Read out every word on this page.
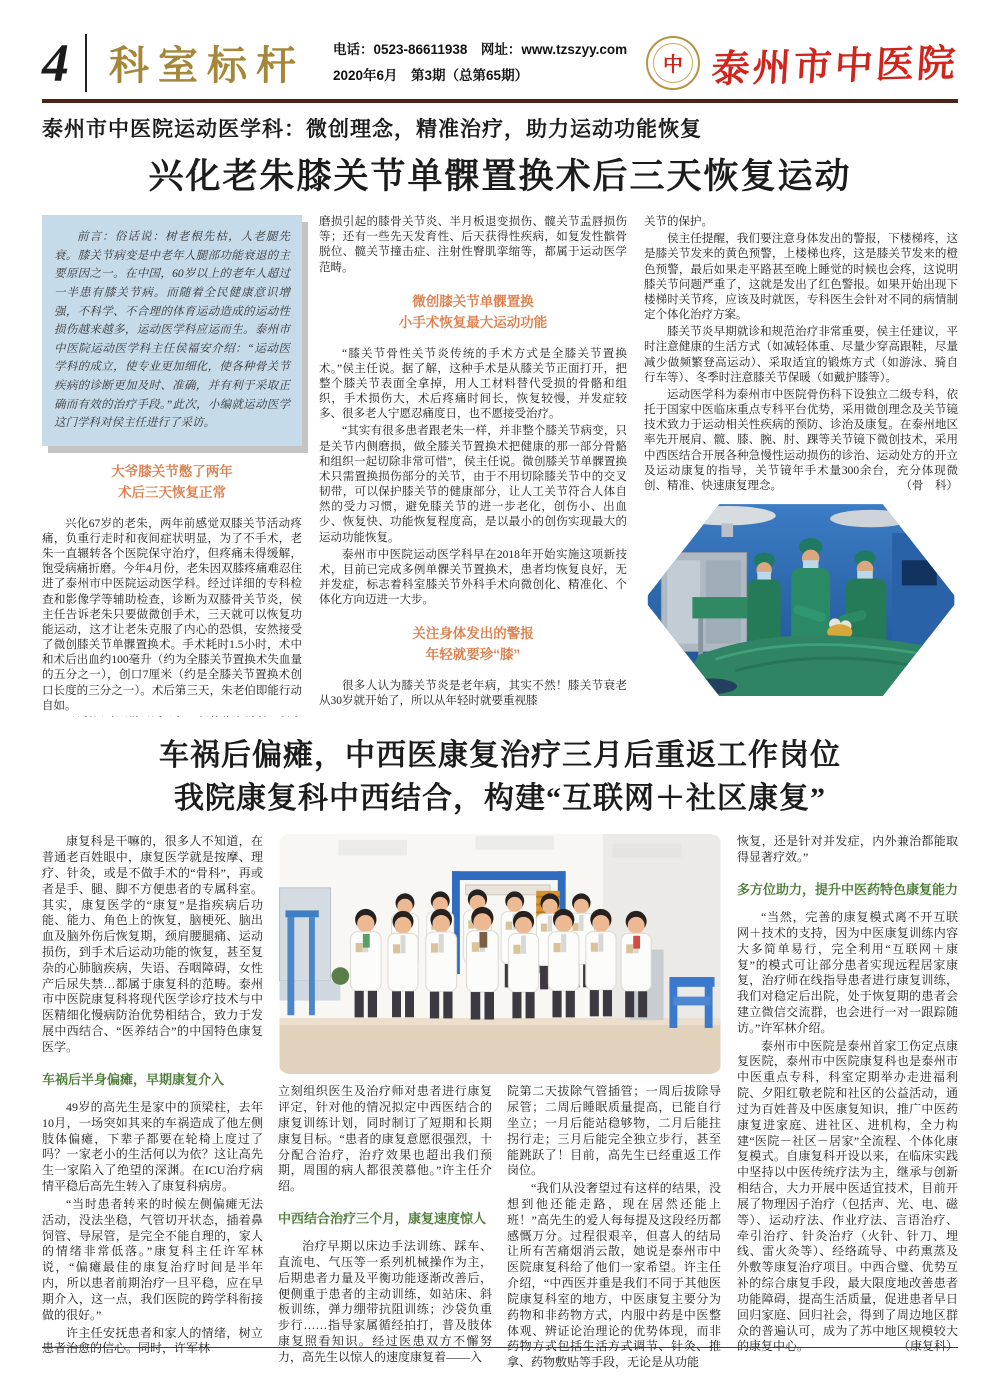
4	科室标杆 电话：0523-86611938　网址：www.tzszyy.com
2020年6月　第3期（总第65期）	中 泰州市中医院
泰州市中医院运动医学科：微创理念，精准治疗，助力运动功能恢复
兴化老朱膝关节单髁置换术后三天恢复运动
前言：俗话说：树老根先枯，人老腿先衰。膝关节病变是中老年人腿部功能衰退的主要原因之一。在中国，60岁以上的老年人超过一半患有膝关节病。而随着全民健康意识增强，不科学、不合理的体育运动造成的运动性损伤越来越多，运动医学科应运而生。泰州市中医院运动医学科主任侯福安介绍：“运动医学科的成立，使专业更加细化，使各种骨关节疾病的诊断更加及时、准确，并有利于采取正确而有效的治疗手段。”此次，小编就运动医学这门学科对侯主任进行了采访。
大爷膝关节憋了两年
术后三天恢复正常

兴化67岁的老朱，两年前感觉双膝关节活动疼痛，负重行走时和夜间症状明显，为了不手术，老朱一直辗转各个医院保守治疗，但疼痛未得缓解，饱受病痛折磨。今年4月份，老朱因双膝疼痛难忍住进了泰州市中医院运动医学科。经过详细的专科检查和影像学等辅助检查，诊断为双膝骨关节炎，侯主任告诉老朱只要做微创手术，三天就可以恢复功能运动，这才让老朱克服了内心的恐惧，安然接受了微创膝关节单髁置换术。手术耗时1.5小时，术中和术后出血约100毫升（约为全膝关节置换术失血量的五分之一），创口7厘米（约是全膝关节置换术创口长度的三分之一）。术后第三天，朱老伯即能行动自如。

磨损引起的膝骨关节炎、半月板退变损伤、髋关节盂唇损伤等；还有一些先天发育性、后天获得性疾病，如复发性髌骨脱位、髋关节撞击症、注射性臀肌挛缩等，都属于运动医学范畴。

微创膝关节单髁置换
小手术恢复最大运动功能

“膝关节骨性关节炎传统的手术方式是全膝关节置换术。”侯主任说。据了解，这种手术是从膝关节正面打开，把整个膝关节表面全拿掉，用人工材料替代受损的骨骼和组织，手术损伤大，术后疼痛时间长，恢复较慢，并发症较多、很多老人宁愿忍痛度日，也不愿接受治疗。

“其实有很多患者跟老朱一样，并非整个膝关节病变，只是关节内侧磨损，做全膝关节置换术把健康的那一部分骨骼和组织一起切除非常可惜”，侯主任说。微创膝关节单髁置换术只需置换损伤部分的关节，由于不用切除膝关节中的交叉韧带，可以保护膝关节的健康部分，让人工关节符合人体自然的受力习惯，避免膝关节的进一步老化，创伤小、出血少、恢复快、功能恢复程度高，是以最小的创伤实现最大的运动功能恢复。

泰州市中医院运动医学科早在2018年开始实施这项新技术，目前已完成多例单髁关节置换术，患者均恢复良好，无并发症，标志着科室膝关节外科手术向微创化、精准化、个体化方向迈进一大步。

关注身体发出的警报
年轻就要珍“膝”

很多人认为膝关节炎是老年病，其实不然！膝关节衰老从30岁就开始了，所以从年轻时就要重视膝

关节的保护。

侯主任提醒，我们要注意身体发出的警报，下楼梯疼，这是膝关节发来的黄色预警，上楼梯也疼，这是膝关节发来的橙色预警，最后如果走平路甚至晚上睡觉的时候也会疼，这说明膝关节问题严重了，这就是发出了红色警报。如果开始出现下楼梯时关节疼，应该及时就医，专科医生会针对不同的病情制定个体化治疗方案。

膝关节炎早期就诊和规范治疗非常重要，侯主任建议，平时注意健康的生活方式（如减轻体重、尽量少穿高跟鞋，尽量减少做频繁登高运动）、采取适宜的锻炼方式（如游泳、骑自行车等）、冬季时注意膝关节保暖（如戴护膝等）。

运动医学科为泰州市中医院骨伤科下设独立二级专科，依托于国家中医临床重点专科平台优势，采用微创理念及关节镜技术致力于运动相关性疾病的预防、诊治及康复。在泰州地区率先开展肩、髋、膝、腕、肘、踝等关节镜下微创技术，采用中西医结合开展各种急慢性运动损伤的诊治、运动处方的开立及运动康复的指导，关节镜年手术量300余台，充分体现微创、精准、快速康复理念。	（骨　科）

车祸后偏瘫，中西医康复治疗三月后重返工作岗位
我院康复科中西结合，构建“互联网＋社区康复”

康复科是干嘛的，很多人不知道，在普通老百姓眼中，康复医学就是按摩、理疗、针灸，或是不做手术的“骨科”，再或者是手、腿、脚不方便患者的专属科室。其实，康复医学的“康复”是指疾病后功能、能力、角色上的恢复，脑梗死、脑出血及脑外伤后恢复期，颈肩腰腿痛、运动损伤，到手术后运动功能的恢复，甚至复杂的心肺脑疾病，失语、吞咽障碍，女性产后尿失禁…都属于康复科的范畴。泰州市中医院康复科将现代医学诊疗技术与中医精细化慢病防治优势相结合，致力于发展中西结合、“医养结合”的中国特色康复医学。

车祸后半身偏瘫，早期康复介入

49岁的高先生是家中的顶梁柱，去年10月，一场突如其来的车祸造成了他左侧肢体偏瘫，下辈子都要在轮椅上度过了吗？一家老小的生活何以为依？这让高先生一家陷入了绝望的深渊。在ICU治疗病情平稳后高先生转入了康复科病房。

“当时患者转来的时候左侧偏瘫无法活动，没法坐稳，气管切开状态，插着鼻饲管、导尿管，是完全不能自理的，家人的情绪非常低落。”康复科主任许军林说，“偏瘫最佳的康复治疗时间是半年内，所以患者前期治疗一旦平稳，应在早期介入，这一点，我们医院的跨学科衔接做的很好。”

许主任安抚患者和家人的情绪，树立患者治愈的信心。同时，许军林

立刻组织医生及治疗师对患者进行康复评定，针对他的情况拟定中西医结合的康复训练计划，同时制订了短期和长期康复目标。“患者的康复意愿很强烈，十分配合治疗，治疗效果也超出我们预期，周围的病人都很羡慕他。”许主任介绍。

中西结合治疗三个月，康复速度惊人

治疗早期以床边手法训练、踩车、直流电、气压等一系列机械操作为主，后期患者力量及平衡功能逐渐改善后，便侧重于患者的主动训练，如站床、斜板训练，弹力绷带抗阻训练；沙袋负重步行……指导家属循经拍打，普及肢体康复照看知识。经过医患双方不懈努力，高先生以惊人的速度康复着——入

院第二天拔除气管插管；一周后拔除导尿管；二周后睡眠质量提高，已能自行坐立；一月后能站稳够物，二月后能拄拐行走；三月后能完全独立步行，甚至能跳跃了！目前，高先生已经重返工作岗位。

“我们从没奢望过有这样的结果，没想到他还能走路，现在居然还能上班！”高先生的爱人每每提及这段经历都感慨万分。过程很艰辛，但喜人的结局让所有苦痛烟消云散，她说是泰州市中医院康复科给了他们一家希望。许主任介绍，“中西医并重是我们不同于其他医院康复科室的地方，中医康复主要分为药物和非药物方式，内服中药是中医整体观、辨证论治理论的优势体现，而非药物方式包括生活方式调节、针灸、推拿、药物敷贴等手段，无论是从功能

恢复，还是针对并发症，内外兼治都能取得显著疗效。”

多方位助力，提升中医药特色康复能力

“当然，完善的康复模式离不开互联网＋技术的支持，因为中医康复训练内容大多简单易行，完全利用“互联网＋康复”的模式可让部分患者实现远程居家康复，治疗师在线指导患者进行康复训练，我们对稳定后出院，处于恢复期的患者会建立微信交流群，也会进行一对一跟踪随访。”许军林介绍。

泰州市中医院是泰州首家工伤定点康复医院，泰州市中医院康复科也是泰州市中医重点专科，科室定期举办走进福利院、夕阳红敬老院和社区的公益活动，通过为百姓普及中医康复知识，推广中医药康复进家庭、进社区、进机构，全力构建“医院－社区－居家”全流程、个体化康复模式。自康复科开设以来，在临床实践中坚持以中医传统疗法为主，继承与创新相结合，大力开展中医适宜技术，目前开展了物理因子治疗（包括声、光、电、磁等）、运动疗法、作业疗法、言语治疗、牵引治疗、针灸治疗（火针、针刀、埋线、雷火灸等）、经络疏导、中药熏蒸及外敷等康复治疗项目。中西合璧、优势互补的综合康复手段，最大限度地改善患者功能障碍，提高生活质量，促进患者早日回归家庭、回归社会，得到了周边地区群众的普遍认可，成为了苏中地区规模较大的康复中心。	（康复科）
